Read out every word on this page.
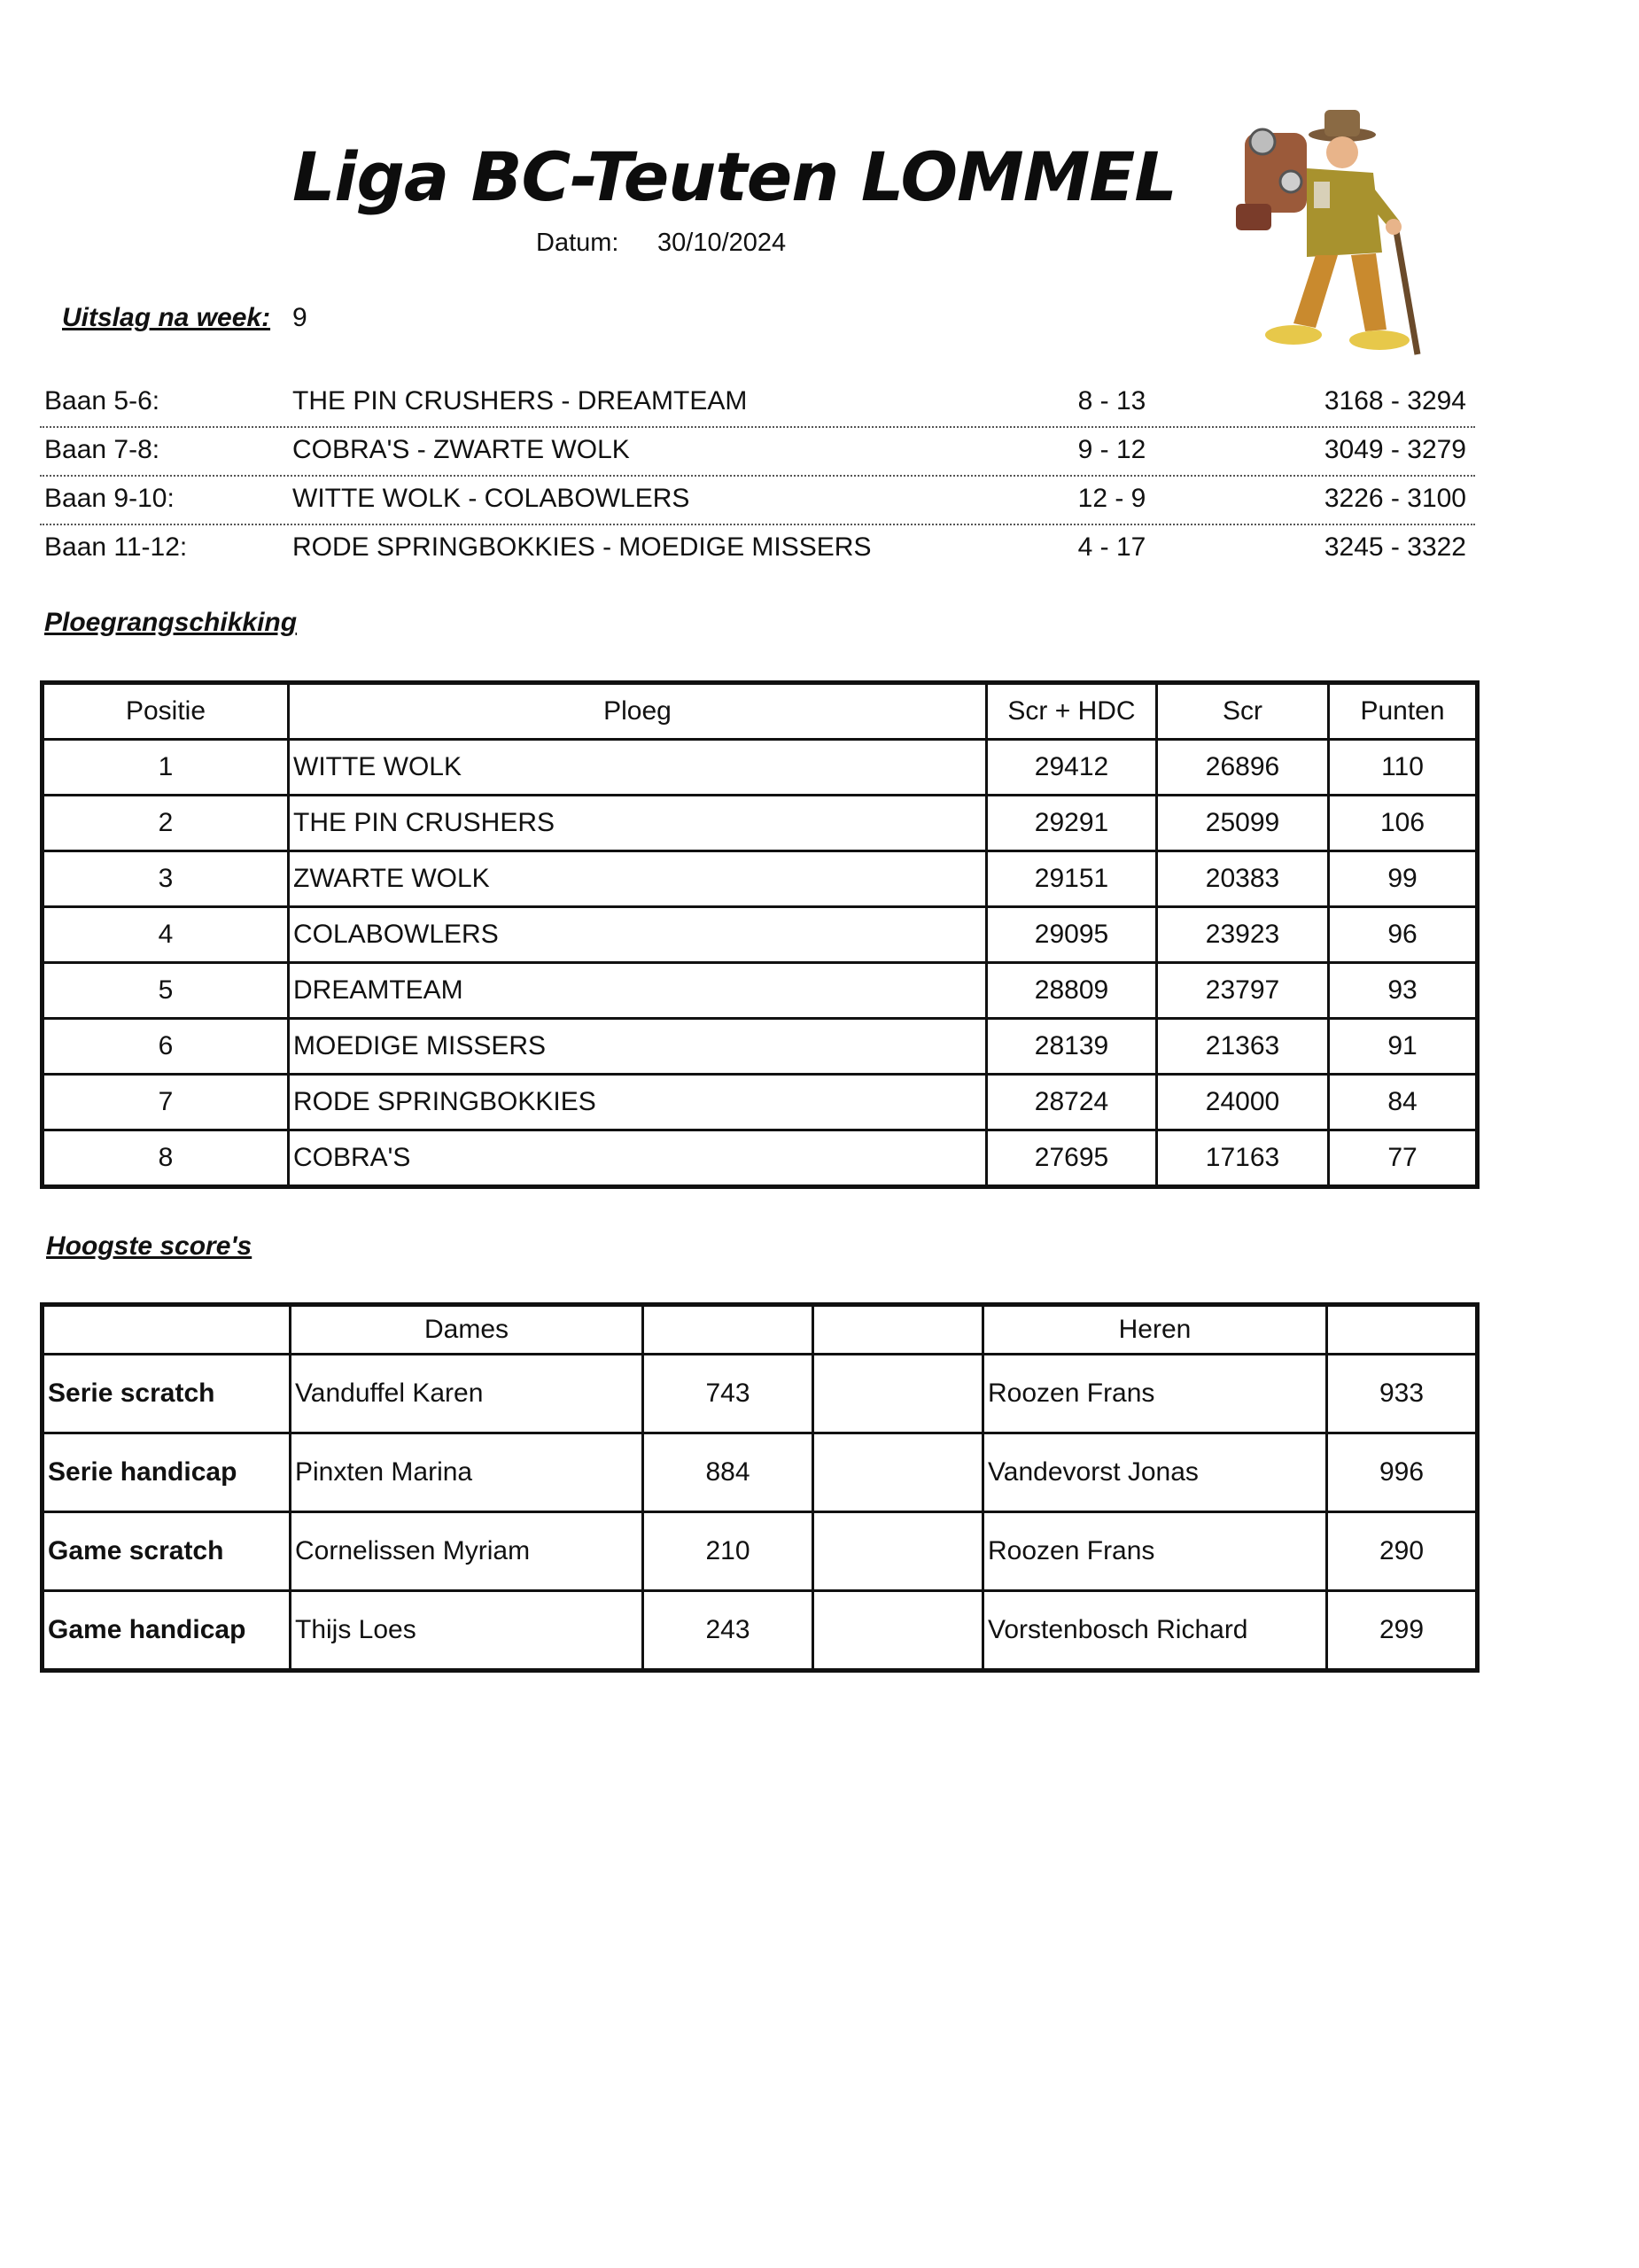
Liga BC-Teuten LOMMEL
Datum: 30/10/2024
Uitslag na week: 9
Baan 5-6:	THE PIN CRUSHERS - DREAMTEAM	8 - 13	3168 - 3294
Baan 7-8:	COBRA'S - ZWARTE WOLK	9 - 12	3049 - 3279
Baan 9-10:	WITTE WOLK - COLABOWLERS	12 - 9	3226 - 3100
Baan 11-12:	RODE SPRINGBOKKIES - MOEDIGE MISSERS	4 - 17	3245 - 3322
Ploegrangschikking
Positie	Ploeg	Scr + HDC	Scr	Punten
1	WITTE WOLK	29412	26896	110
2	THE PIN CRUSHERS	29291	25099	106
3	ZWARTE WOLK	29151	20383	99
4	COLABOWLERS	29095	23923	96
5	DREAMTEAM	28809	23797	93
6	MOEDIGE MISSERS	28139	21363	91
7	RODE SPRINGBOKKIES	28724	24000	84
8	COBRA'S	27695	17163	77
Hoogste score's
	Dames			Heren	
Serie scratch	Vanduffel Karen	743		Roozen Frans	933
Serie handicap	Pinxten Marina	884		Vandevorst Jonas	996
Game scratch	Cornelissen Myriam	210		Roozen Frans	290
Game handicap	Thijs Loes	243		Vorstenbosch Richard	299
